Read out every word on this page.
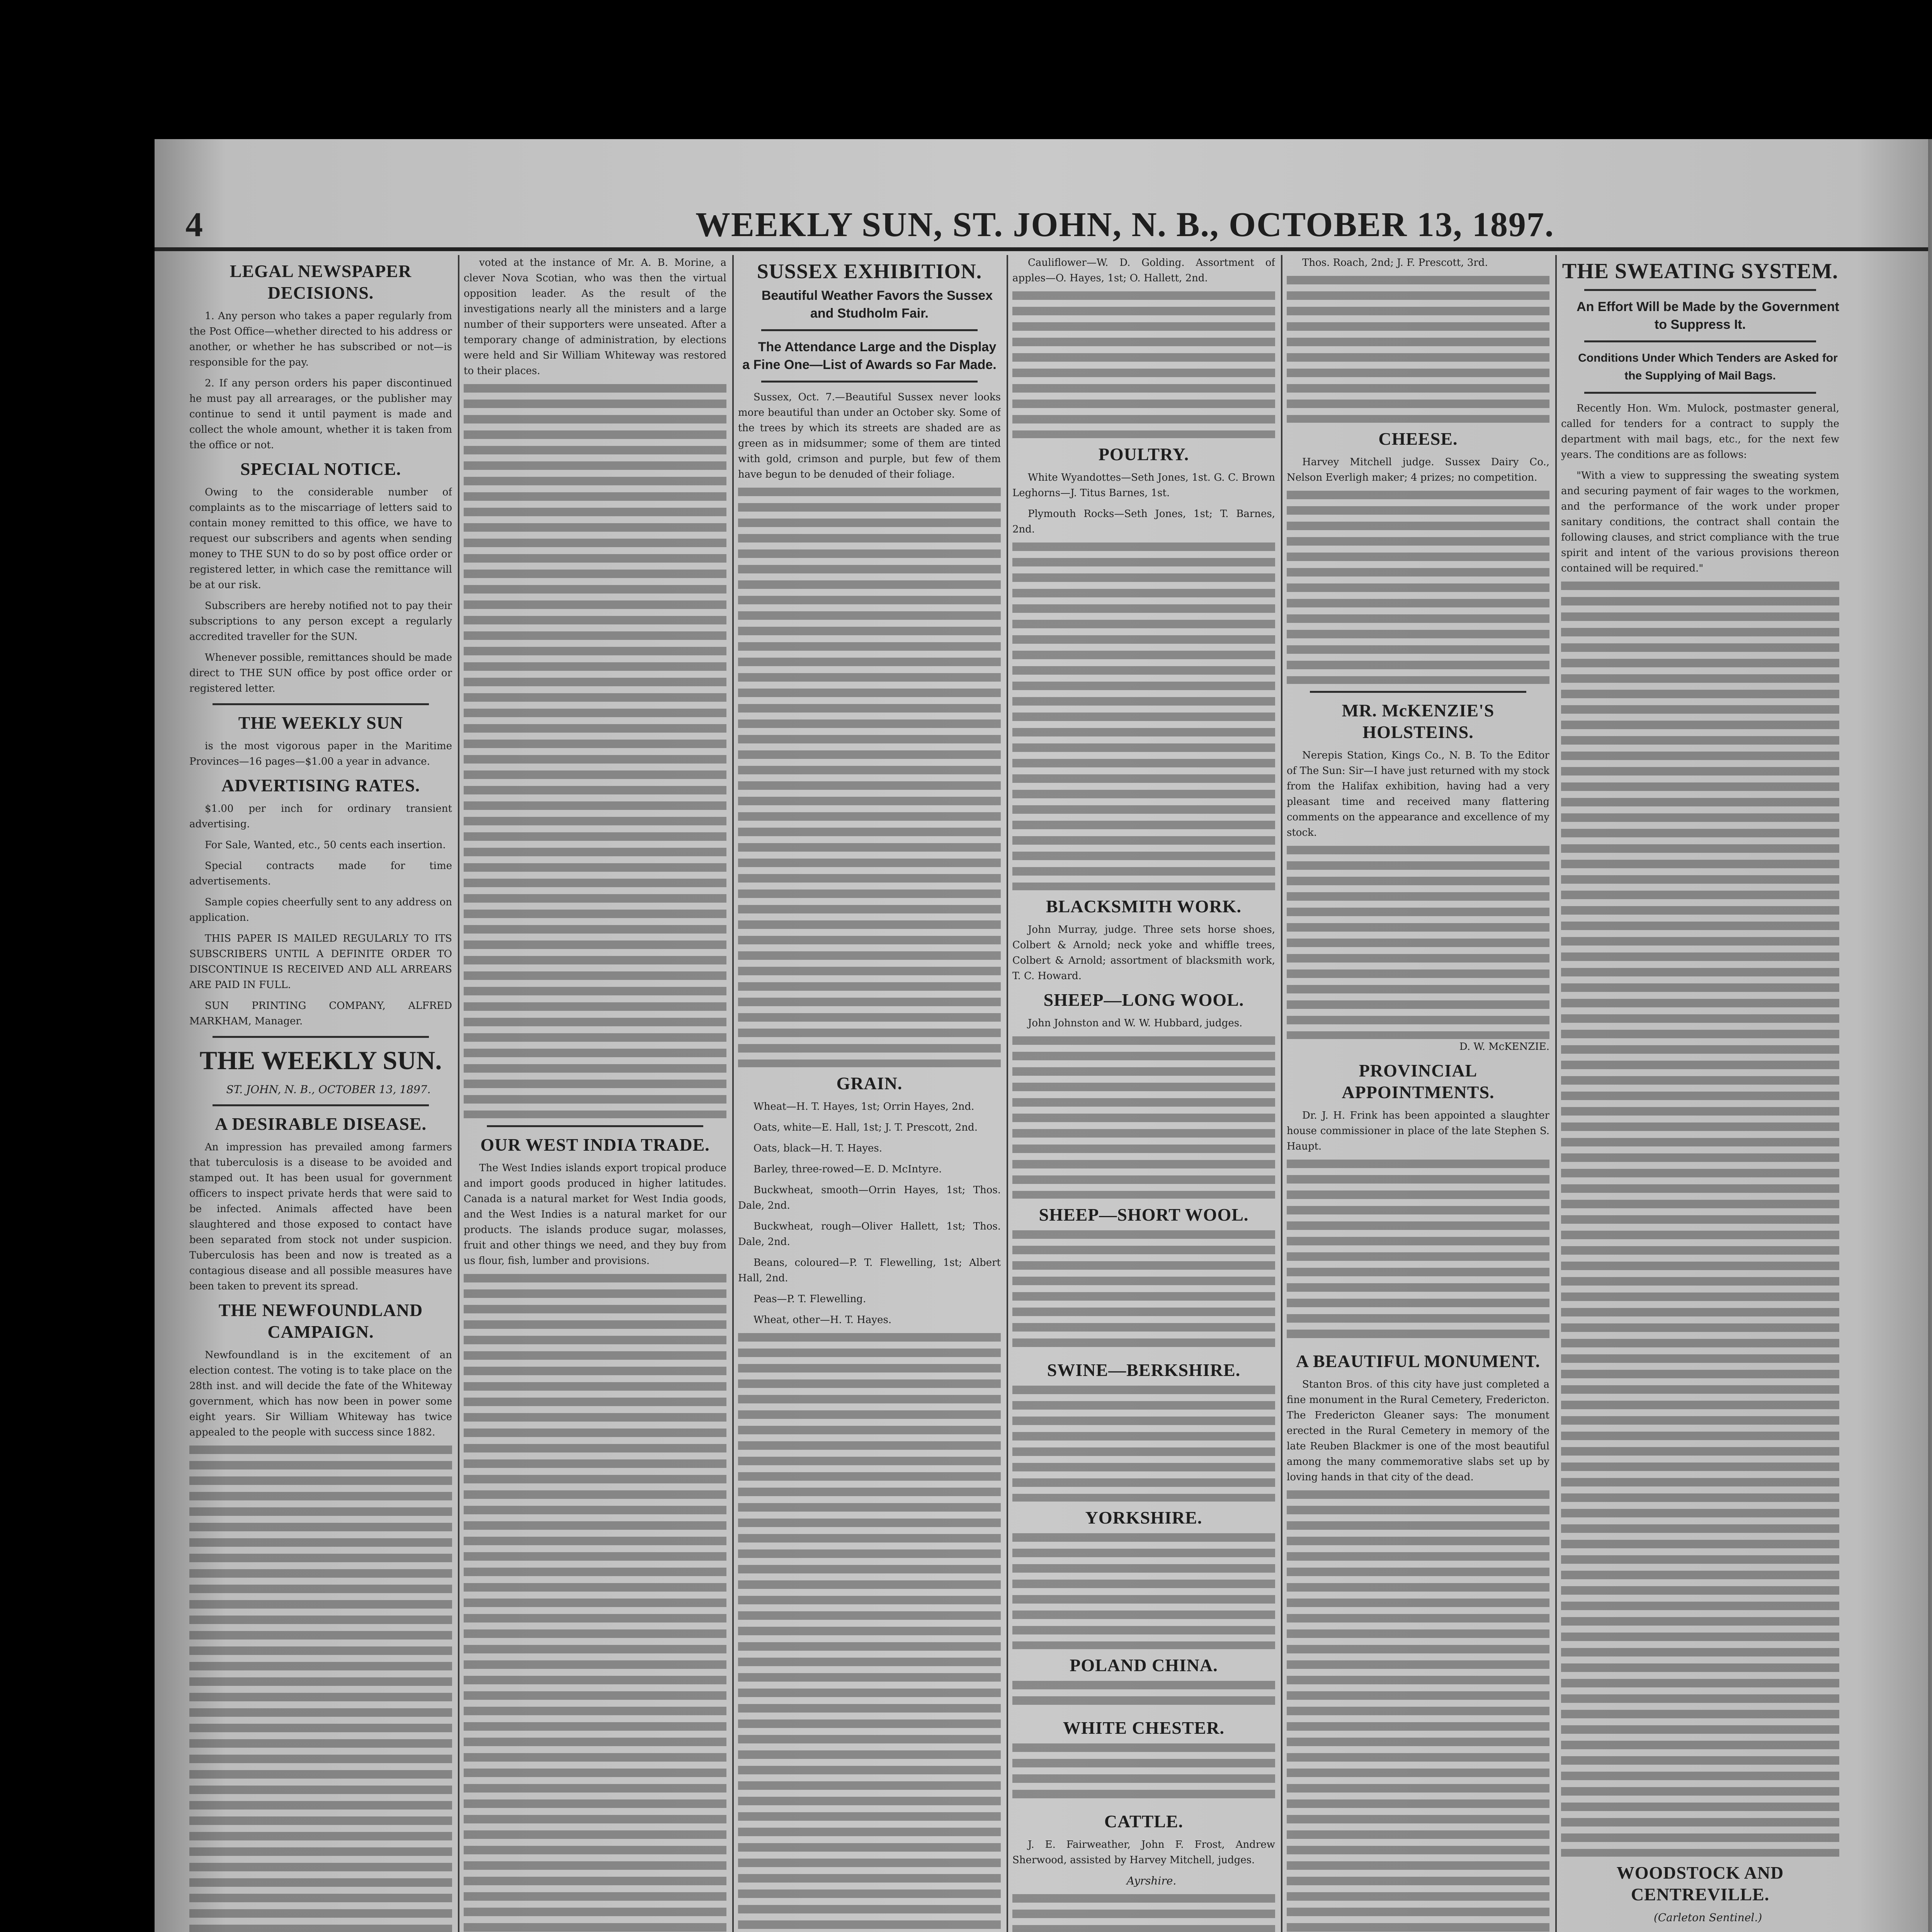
4	WEEKLY SUN, ST. JOHN, N. B., OCTOBER 13, 1897.
LEGAL NEWSPAPER DECISIONS.

1. Any person who takes a paper regularly from the Post Office—whether directed to his address or another, or whether he has subscribed or not—is responsible for the pay.

2. If any person orders his paper discontinued he must pay all arrearages, or the publisher may continue to send it until payment is made and collect the whole amount, whether it is taken from the office or not.

SPECIAL NOTICE.

Owing to the considerable number of complaints as to the miscarriage of letters said to contain money remitted to this office, we have to request our subscribers and agents when sending money to THE SUN to do so by post office order or registered letter, in which case the remittance will be at our risk.

Subscribers are hereby notified not to pay their subscriptions to any person except a regularly accredited traveller for the SUN.

Whenever possible, remittances should be made direct to THE SUN office by post office order or registered letter.

THE WEEKLY SUN

is the most vigorous paper in the Maritime Provinces—16 pages—$1.00 a year in advance.

ADVERTISING RATES.

$1.00 per inch for ordinary transient advertising.

For Sale, Wanted, etc., 50 cents each insertion.

Special contracts made for time advertisements.

Sample copies cheerfully sent to any address on application.

THIS PAPER IS MAILED REGULARLY TO ITS SUBSCRIBERS UNTIL A DEFINITE ORDER TO DISCONTINUE IS RECEIVED AND ALL ARREARS ARE PAID IN FULL.

SUN PRINTING COMPANY, ALFRED MARKHAM, Manager.

THE WEEKLY SUN.

ST. JOHN, N. B., OCTOBER 13, 1897.

A DESIRABLE DISEASE.

An impression has prevailed among farmers that tuberculosis is a disease to be avoided and stamped out. It has been usual for government officers to inspect private herds that were said to be infected. Animals affected have been slaughtered and those exposed to contact have been separated from stock not under suspicion. Tuberculosis has been and now is treated as a contagious disease and all possible measures have been taken to prevent its spread.

THE NEWFOUNDLAND CAMPAIGN.

Newfoundland is in the excitement of an election contest. The voting is to take place on the 28th inst. and will decide the fate of the Whiteway government, which has now been in power some eight years. Sir William Whiteway has twice appealed to the people with success since 1882.

voted at the instance of Mr. A. B. Morine, a clever Nova Scotian, who was then the virtual opposition leader. As the result of the investigations nearly all the ministers and a large number of their supporters were unseated. After a temporary change of administration, by elections were held and Sir William Whiteway was restored to their places.

OUR WEST INDIA TRADE.

The West Indies islands export tropical produce and import goods produced in higher latitudes. Canada is a natural market for West India goods, and the West Indies is a natural market for our products. The islands produce sugar, molasses, fruit and other things we need, and they buy from us flour, fish, lumber and provisions.

SUSSEX EXHIBITION.

Beautiful Weather Favors the Sussex and Studholm Fair.

The Attendance Large and the Display a Fine One—List of Awards so Far Made.

Sussex, Oct. 7.—Beautiful Sussex never looks more beautiful than under an October sky. Some of the trees by which its streets are shaded are as green as in midsummer; some of them are tinted with gold, crimson and purple, but few of them have begun to be denuded of their foliage.

GRAIN.

Wheat—H. T. Hayes, 1st; Orrin Hayes, 2nd.

Oats, white—E. Hall, 1st; J. T. Prescott, 2nd.

Oats, black—H. T. Hayes.

Barley, three-rowed—E. D. McIntyre.

Buckwheat, smooth—Orrin Hayes, 1st; Thos. Dale, 2nd.

Buckwheat, rough—Oliver Hallett, 1st; Thos. Dale, 2nd.

Beans, coloured—P. T. Flewelling, 1st; Albert Hall, 2nd.

Peas—P. T. Flewelling.

Wheat, other—H. T. Hayes.

Cauliflower—W. D. Golding. Assortment of apples—O. Hayes, 1st; O. Hallett, 2nd.

POULTRY.

White Wyandottes—Seth Jones, 1st. G. C. Brown Leghorns—J. Titus Barnes, 1st.

Plymouth Rocks—Seth Jones, 1st; T. Barnes, 2nd.

BLACKSMITH WORK.

John Murray, judge. Three sets horse shoes, Colbert & Arnold; neck yoke and whiffle trees, Colbert & Arnold; assortment of blacksmith work, T. C. Howard.

SHEEP—LONG WOOL.

John Johnston and W. W. Hubbard, judges.

SHEEP—SHORT WOOL.
SWINE—BERKSHIRE.
YORKSHIRE.
POLAND CHINA.
WHITE CHESTER.
CATTLE.

J. E. Fairweather, John F. Frost, Andrew Sherwood, assisted by Harvey Mitchell, judges.

Ayrshire.

Thos. Roach, 2nd; J. F. Prescott, 3rd.

CHEESE.

Harvey Mitchell judge. Sussex Dairy Co., Nelson Everligh maker; 4 prizes; no competition.

MR. McKENZIE'S HOLSTEINS.

Nerepis Station, Kings Co., N. B. To the Editor of The Sun: Sir—I have just returned with my stock from the Halifax exhibition, having had a very pleasant time and received many flattering comments on the appearance and excellence of my stock.

D. W. McKENZIE.

PROVINCIAL APPOINTMENTS.

Dr. J. H. Frink has been appointed a slaughter house commissioner in place of the late Stephen S. Haupt.

A BEAUTIFUL MONUMENT.

Stanton Bros. of this city have just completed a fine monument in the Rural Cemetery, Fredericton. The Fredericton Gleaner says: The monument erected in the Rural Cemetery in memory of the late Reuben Blackmer is one of the most beautiful among the many commemorative slabs set up by loving hands in that city of the dead.

THE SWEATING SYSTEM.

An Effort Will be Made by the Government to Suppress It.

Conditions Under Which Tenders are Asked for the Supplying of Mail Bags.

Recently Hon. Wm. Mulock, postmaster general, called for tenders for a contract to supply the department with mail bags, etc., for the next few years. The conditions are as follows:

"With a view to suppressing the sweating system and securing payment of fair wages to the workmen, and the performance of the work under proper sanitary conditions, the contract shall contain the following clauses, and strict compliance with the true spirit and intent of the various provisions thereon contained will be required."

WOODSTOCK AND CENTREVILLE.

(Carleton Sentinel.)
